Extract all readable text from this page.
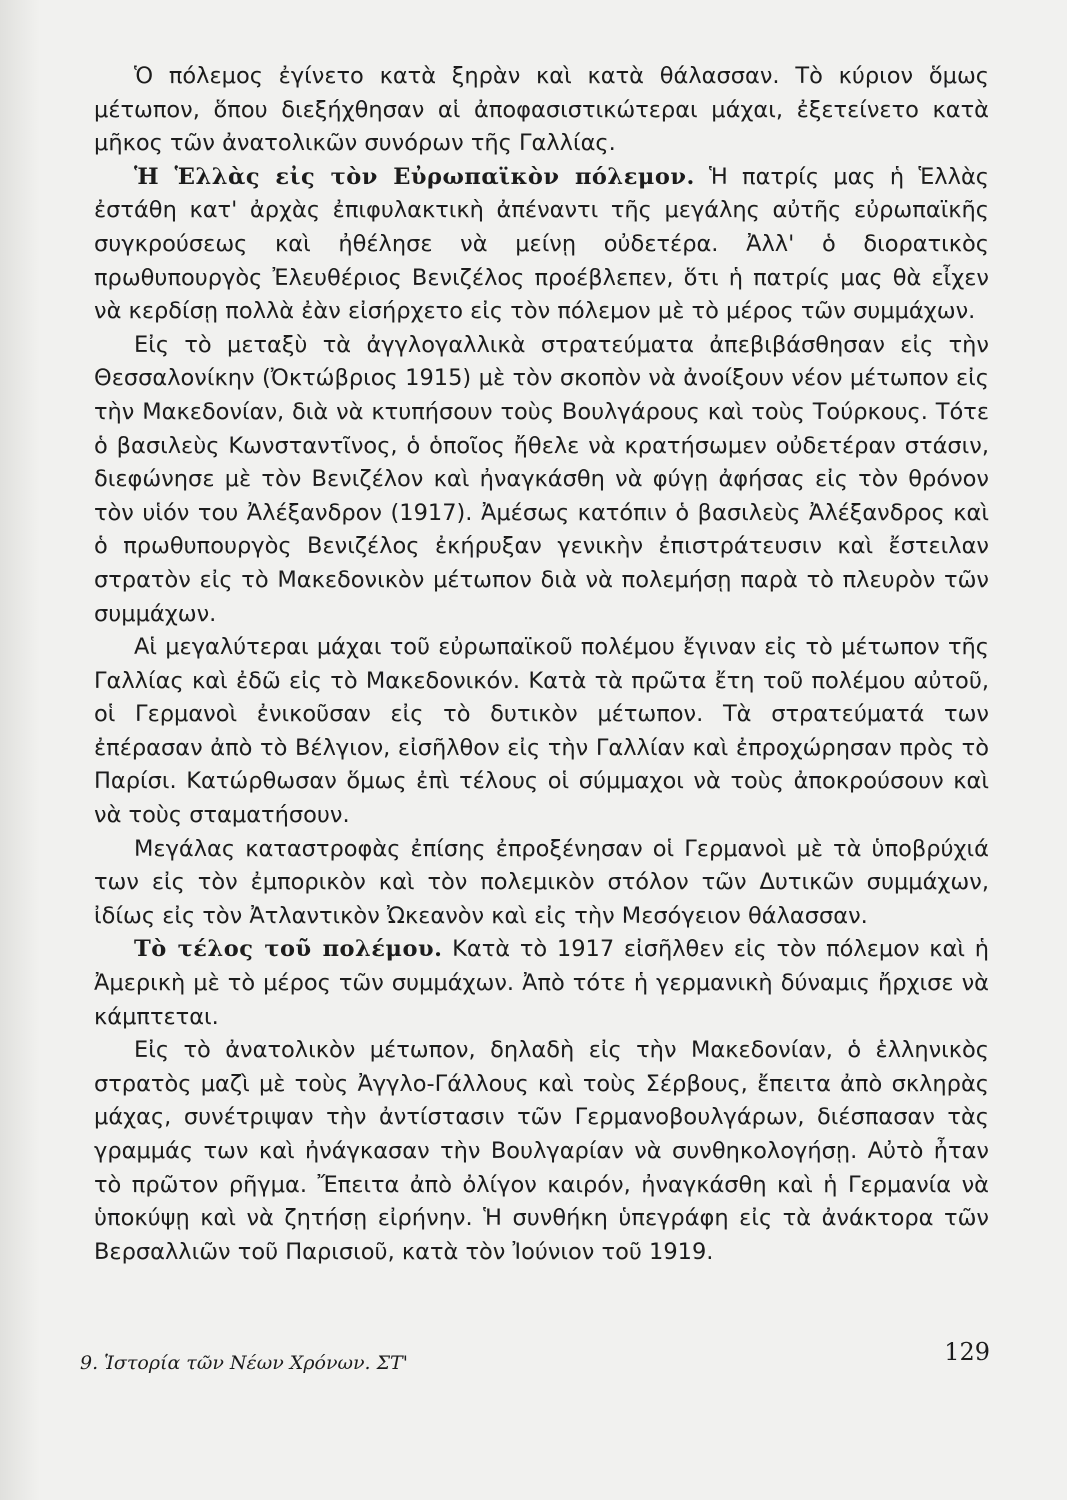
Ὁ πόλεμος ἐγίνετο κατὰ ξηρὰν καὶ κατὰ θάλασσαν. Τὸ κύριον ὅμως μέτωπον, ὅπου διεξήχθησαν αἱ ἀποφασιστικώτεραι μάχαι, ἐξετείνετο κατὰ μῆκος τῶν ἀνατολικῶν συνόρων τῆς Γαλλίας.

Ἡ Ἑλλὰς εἰς τὸν Εὐρωπαϊκὸν πόλεμον. Ἡ πατρίς μας ἡ Ἑλλὰς ἐστάθη κατ' ἀρχὰς ἐπιφυλακτικὴ ἀπέναντι τῆς μεγάλης αὐτῆς εὐρωπαϊκῆς συγκρούσεως καὶ ἠθέλησε νὰ μείνῃ οὐδετέρα. Ἀλλ' ὁ διορατικὸς πρωθυπουργὸς Ἐλευθέριος Βενιζέλος προέβλεπεν, ὅτι ἡ πατρίς μας θὰ εἶχεν νὰ κερδίσῃ πολλὰ ἐὰν εἰσήρχετο εἰς τὸν πόλεμον μὲ τὸ μέρος τῶν συμμάχων.

Εἰς τὸ μεταξὺ τὰ ἀγγλογαλλικὰ στρατεύματα ἀπεβιβάσθησαν εἰς τὴν Θεσσαλονίκην (Ὀκτώβριος 1915) μὲ τὸν σκοπὸν νὰ ἀνοίξουν νέον μέτωπον εἰς τὴν Μακεδονίαν, διὰ νὰ κτυπήσουν τοὺς Βουλγάρους καὶ τοὺς Τούρκους. Τότε ὁ βασιλεὺς Κωνσταντῖνος, ὁ ὁποῖος ἤθελε νὰ κρατήσωμεν οὐδετέραν στάσιν, διεφώνησε μὲ τὸν Βενιζέλον καὶ ἠναγκάσθη νὰ φύγῃ ἀφήσας εἰς τὸν θρόνον τὸν υἱόν του Ἀλέξανδρον (1917). Ἀμέσως κατόπιν ὁ βασιλεὺς Ἀλέξανδρος καὶ ὁ πρωθυπουργὸς Βενιζέλος ἐκήρυξαν γενικὴν ἐπιστράτευσιν καὶ ἔστειλαν στρατὸν εἰς τὸ Μακεδονικὸν μέτωπον διὰ νὰ πολεμήσῃ παρὰ τὸ πλευρὸν τῶν συμμάχων.

Αἱ μεγαλύτεραι μάχαι τοῦ εὐρωπαϊκοῦ πολέμου ἔγιναν εἰς τὸ μέτωπον τῆς Γαλλίας καὶ ἐδῶ εἰς τὸ Μακεδονικόν. Κατὰ τὰ πρῶτα ἔτη τοῦ πολέμου αὐτοῦ, οἱ Γερμανοὶ ἐνικοῦσαν εἰς τὸ δυτικὸν μέτωπον. Τὰ στρατεύματά των ἐπέρασαν ἀπὸ τὸ Βέλγιον, εἰσῆλθον εἰς τὴν Γαλλίαν καὶ ἐπροχώρησαν πρὸς τὸ Παρίσι. Κατώρθωσαν ὅμως ἐπὶ τέλους οἱ σύμμαχοι νὰ τοὺς ἀποκρούσουν καὶ νὰ τοὺς σταματήσουν.

Μεγάλας καταστροφὰς ἐπίσης ἐπροξένησαν οἱ Γερμανοὶ μὲ τὰ ὑποβρύχιά των εἰς τὸν ἐμπορικὸν καὶ τὸν πολεμικὸν στόλον τῶν Δυτικῶν συμμάχων, ἰδίως εἰς τὸν Ἀτλαντικὸν Ὠκεανὸν καὶ εἰς τὴν Μεσόγειον θάλασσαν.

Τὸ τέλος τοῦ πολέμου. Κατὰ τὸ 1917 εἰσῆλθεν εἰς τὸν πόλεμον καὶ ἡ Ἀμερικὴ μὲ τὸ μέρος τῶν συμμάχων. Ἀπὸ τότε ἡ γερμανικὴ δύναμις ἤρχισε νὰ κάμπτεται.

Εἰς τὸ ἀνατολικὸν μέτωπον, δηλαδὴ εἰς τὴν Μακεδονίαν, ὁ ἑλληνικὸς στρατὸς μαζὶ μὲ τοὺς Ἀγγλο-Γάλλους καὶ τοὺς Σέρβους, ἔπειτα ἀπὸ σκληρὰς μάχας, συνέτριψαν τὴν ἀντίστασιν τῶν Γερμανοβουλγάρων, διέσπασαν τὰς γραμμάς των καὶ ἠνάγκασαν τὴν Βουλγαρίαν νὰ συνθηκολογήσῃ. Αὐτὸ ἦταν τὸ πρῶτον ρῆγμα. Ἔπειτα ἀπὸ ὀλίγον καιρόν, ἠναγκάσθη καὶ ἡ Γερμανία νὰ ὑποκύψῃ καὶ νὰ ζητήσῃ εἰρήνην. Ἡ συνθήκη ὑπεγράφη εἰς τὰ ἀνάκτορα τῶν Βερσαλλιῶν τοῦ Παρισιοῦ, κατὰ τὸν Ἰούνιον τοῦ 1919.

9. Ἱστορία τῶν Νέων Χρόνων. ΣΤ'	129
